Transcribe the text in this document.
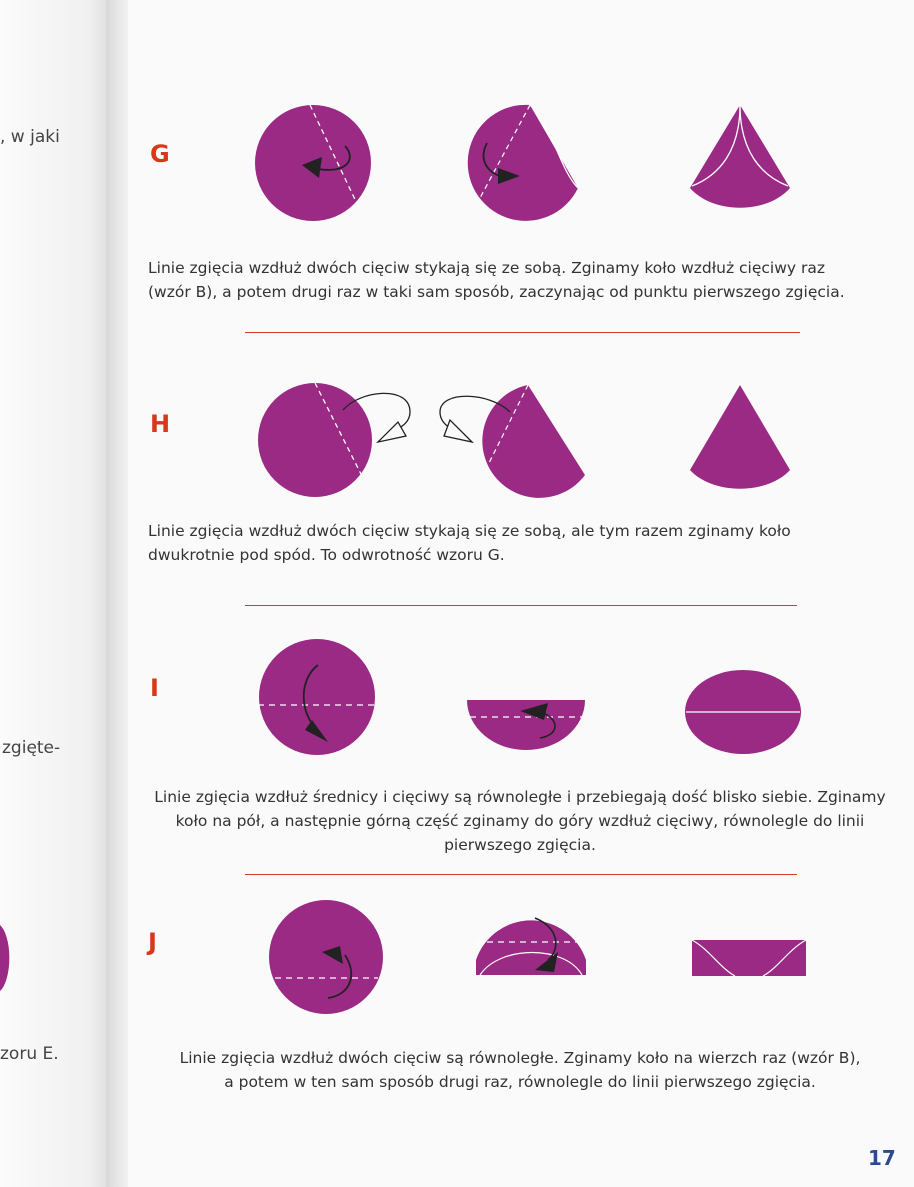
, w jaki
zgięte-
zoru E.
G
H
I
J
Linie zgięcia wzdłuż dwóch cięciw stykają się ze sobą. Zginamy koło wzdłuż cięciwy raz
(wzór B), a potem drugi raz w taki sam sposób, zaczynając od punktu pierwszego zgięcia.
Linie zgięcia wzdłuż dwóch cięciw stykają się ze sobą, ale tym razem zginamy koło
dwukrotnie pod spód. To odwrotność wzoru G.
Linie zgięcia wzdłuż średnicy i cięciwy są równoległe i przebiegają dość blisko siebie. Zginamy
koło na pół, a następnie górną część zginamy do góry wzdłuż cięciwy, równolegle do linii
pierwszego zgięcia.
Linie zgięcia wzdłuż dwóch cięciw są równoległe. Zginamy koło na wierzch raz (wzór B),
a potem w ten sam sposób drugi raz, równolegle do linii pierwszego zgięcia.
17
